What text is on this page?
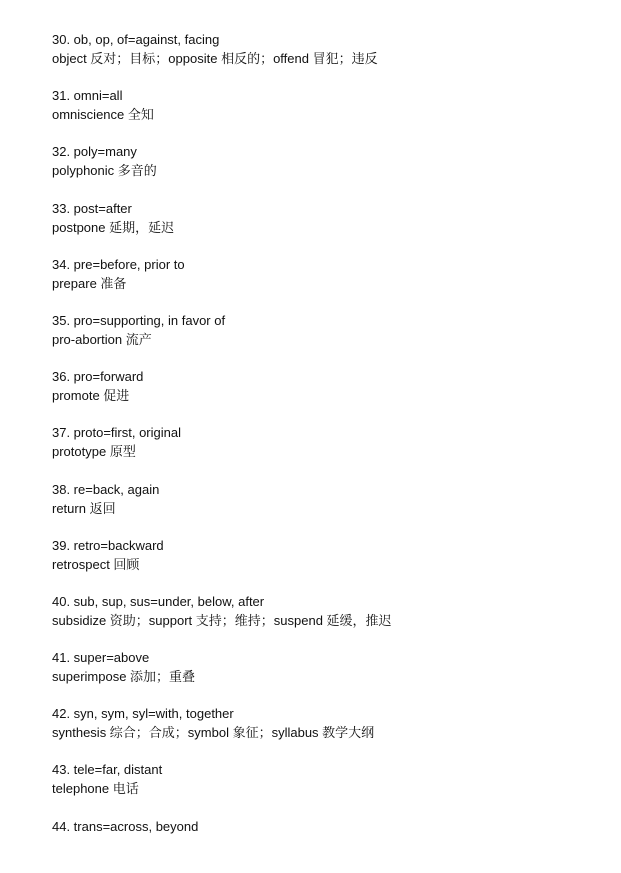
30. ob, op, of=against, facing
object 反对；目标；opposite 相反的；offend 冒犯；违反
31. omni=all
omniscience 全知
32. poly=many
polyphonic 多音的
33. post=after
postpone 延期，延迟
34. pre=before, prior to
prepare 准备
35. pro=supporting, in favor of
pro-abortion 流产
36. pro=forward
promote 促进
37. proto=first, original
prototype 原型
38. re=back, again
return 返回
39. retro=backward
retrospect 回顾
40. sub, sup, sus=under, below, after
subsidize 资助；support 支持；维持；suspend 延缓，推迟
41. super=above
superimpose 添加；重叠
42. syn, sym, syl=with, together
synthesis 综合；合成；symbol 象征；syllabus 教学大纲
43. tele=far, distant
telephone 电话
44. trans=across, beyond
